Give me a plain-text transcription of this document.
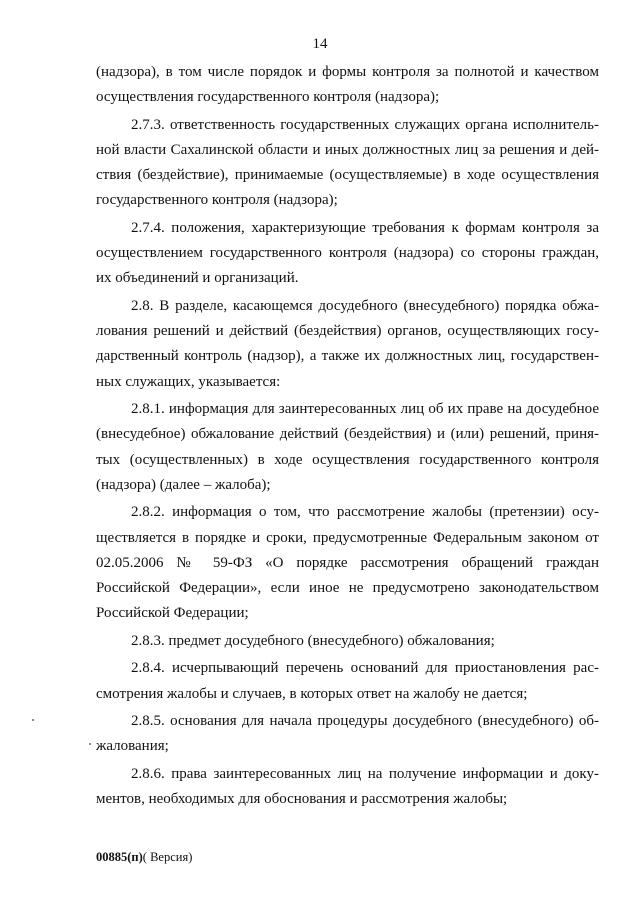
14

(надзора), в том числе порядок и формы контроля за полнотой и качеством осуществления государственного контроля (надзора);

2.7.3. ответственность государственных служащих органа исполнительной власти Сахалинской области и иных должностных лиц за решения и действия (бездействие), принимаемые (осуществляемые) в ходе осуществления государственного контроля (надзора);

2.7.4. положения, характеризующие требования к формам контроля за осуществлением государственного контроля (надзора) со стороны граждан, их объединений и организаций.

2.8. В разделе, касающемся досудебного (внесудебного) порядка обжалования решений и действий (бездействия) органов, осуществляющих государственный контроль (надзор), а также их должностных лиц, государственных служащих, указывается:

2.8.1. информация для заинтересованных лиц об их праве на досудебное (внесудебное) обжалование действий (бездействия) и (или) решений, принятых (осуществленных) в ходе осуществления государственного контроля (надзора) (далее – жалоба);

2.8.2. информация о том, что рассмотрение жалобы (претензии) осуществляется в порядке и сроки, предусмотренные Федеральным законом от 02.05.2006 № 59-ФЗ «О порядке рассмотрения обращений граждан Российской Федерации», если иное не предусмотрено законодательством Российской Федерации;

2.8.3. предмет досудебного (внесудебного) обжалования;

2.8.4. исчерпывающий перечень оснований для приостановления рассмотрения жалобы и случаев, в которых ответ на жалобу не дается;

2.8.5. основания для начала процедуры досудебного (внесудебного) обжалования;

2.8.6. права заинтересованных лиц на получение информации и документов, необходимых для обоснования и рассмотрения жалобы;

00885(п)( Версия)
